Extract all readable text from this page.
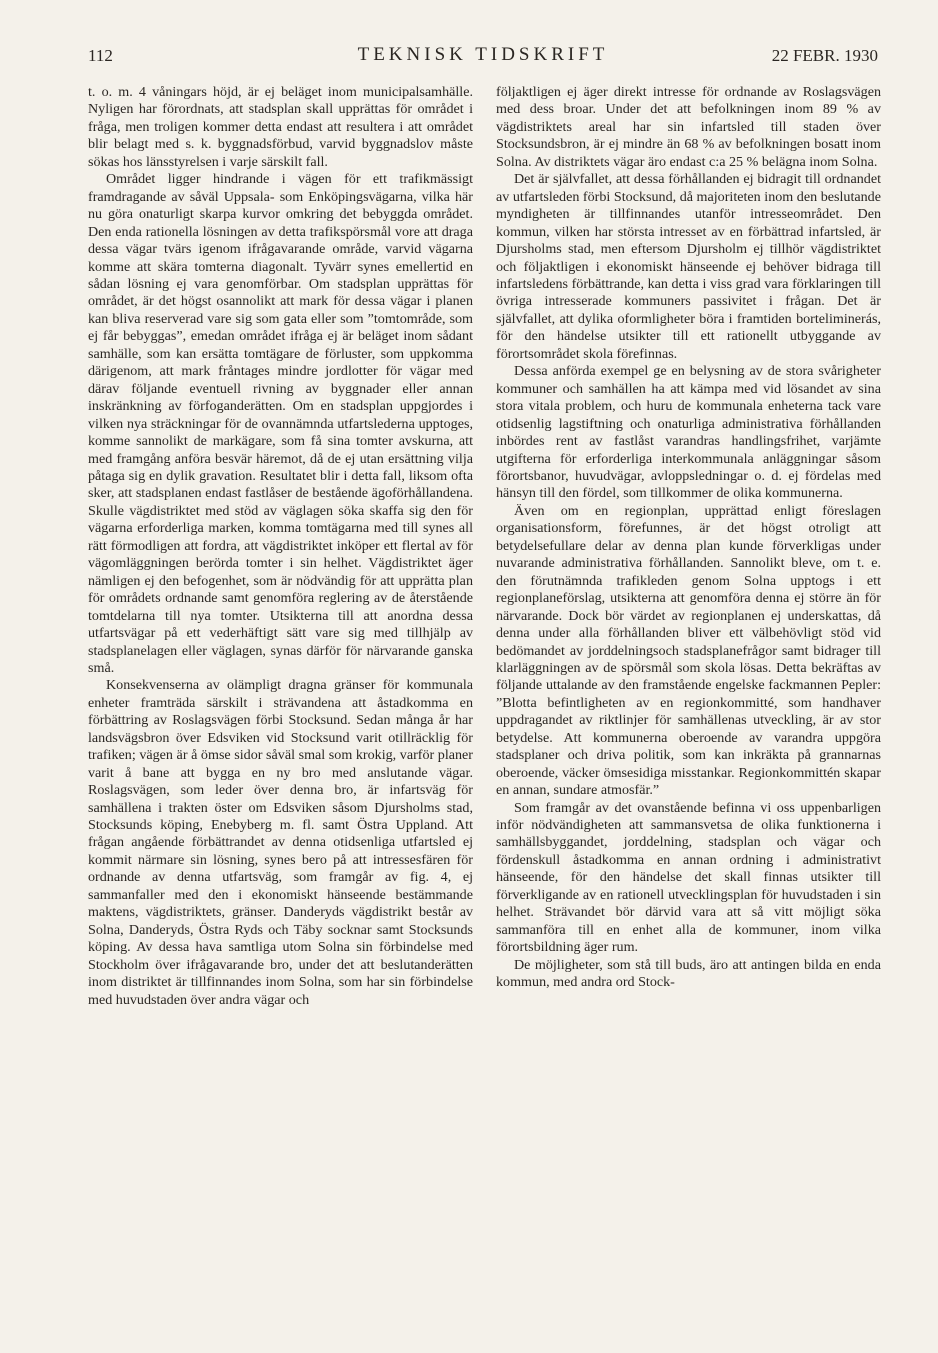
112	TEKNISK TIDSKRIFT	22 FEBR. 1930

t. o. m. 4 våningars höjd, är ej beläget inom municipalsamhälle. Nyligen har förordnats, att stadsplan skall upprättas för området i fråga, men troligen kommer detta endast att resultera i att området blir belagt med s. k. byggnadsförbud, varvid byggnadslov måste sökas hos länsstyrelsen i varje särskilt fall.

Området ligger hindrande i vägen för ett trafikmässigt framdragande av såväl Uppsala- som Enköpingsvägarna, vilka här nu göra onaturligt skarpa kurvor omkring det bebyggda området. Den enda rationella lösningen av detta trafikspörsmål vore att draga dessa vägar tvärs igenom ifrågavarande område, varvid vägarna komme att skära tomterna diagonalt. Tyvärr synes emellertid en sådan lösning ej vara genomförbar. Om stadsplan upprättas för området, är det högst osannolikt att mark för dessa vägar i planen kan bliva reserverad vare sig som gata eller som ”tomtområde, som ej får bebyggas”, emedan området ifråga ej är beläget inom sådant samhälle, som kan ersätta tomtägare de förluster, som uppkomma därigenom, att mark fråntages mindre jordlotter för vägar med därav följande eventuell rivning av byggnader eller annan inskränkning av förfoganderätten. Om en stadsplan uppgjordes i vilken nya sträckningar för de ovannämnda utfartslederna upptoges, komme sannolikt de markägare, som få sina tomter avskurna, att med framgång anföra besvär häremot, då de ej utan ersättning vilja påtaga sig en dylik gravation. Resultatet blir i detta fall, liksom ofta sker, att stadsplanen endast fastlåser de bestående ägoförhållandena. Skulle vägdistriktet med stöd av väglagen söka skaffa sig den för vägarna erforderliga marken, komma tomtägarna med till synes all rätt förmodligen att fordra, att vägdistriktet inköper ett flertal av för vägomläggningen berörda tomter i sin helhet. Vägdistriktet äger nämligen ej den befogenhet, som är nödvändig för att upprätta plan för områdets ordnande samt genomföra reglering av de återstående tomtdelarna till nya tomter. Utsikterna till att anordna dessa utfartsvägar på ett vederhäftigt sätt vare sig med tillhjälp av stadsplanelagen eller väglagen, synas därför för närvarande ganska små.

Konsekvenserna av olämpligt dragna gränser för kommunala enheter framträda särskilt i strävandena att åstadkomma en förbättring av Roslagsvägen förbi Stocksund. Sedan många år har landsvägsbron över Edsviken vid Stocksund varit otillräcklig för trafiken; vägen är å ömse sidor såväl smal som krokig, varför planer varit å bane att bygga en ny bro med anslutande vägar. Roslagsvägen, som leder över denna bro, är infartsväg för samhällena i trakten öster om Edsviken såsom Djursholms stad, Stocksunds köping, Enebyberg m. fl. samt Östra Uppland. Att frågan angående förbättrandet av denna otidsenliga utfartsled ej kommit närmare sin lösning, synes bero på att intressesfären för ordnande av denna utfartsväg, som framgår av fig. 4, ej sammanfaller med den i ekonomiskt hänseende bestämmande maktens, vägdistriktets, gränser. Danderyds vägdistrikt består av Solna, Danderyds, Östra Ryds och Täby socknar samt Stocksunds köping. Av dessa hava samtliga utom Solna sin förbindelse med Stockholm över ifrågavarande bro, under det att beslutanderätten inom distriktet är tillfinnandes inom Solna, som har sin förbindelse med huvudstaden över andra vägar och

följaktligen ej äger direkt intresse för ordnande av Roslagsvägen med dess broar. Under det att befolkningen inom 89 % av vägdistriktets areal har sin infartsled till staden över Stocksundsbron, är ej mindre än 68 % av befolkningen bosatt inom Solna. Av distriktets vägar äro endast c:a 25 % belägna inom Solna.

Det är självfallet, att dessa förhållanden ej bidragit till ordnandet av utfartsleden förbi Stocksund, då majoriteten inom den beslutande myndigheten är tillfinnandes utanför intresseområdet. Den kommun, vilken har största intresset av en förbättrad infartsled, är Djursholms stad, men eftersom Djursholm ej tillhör vägdistriktet och följaktligen i ekonomiskt hänseende ej behöver bidraga till infartsledens förbättrande, kan detta i viss grad vara förklaringen till övriga intresserade kommuners passivitet i frågan. Det är självfallet, att dylika oformligheter böra i framtiden borteliminerás, för den händelse utsikter till ett rationellt utbyggande av förortsområdet skola förefinnas.

Dessa anförda exempel ge en belysning av de stora svårigheter kommuner och samhällen ha att kämpa med vid lösandet av sina stora vitala problem, och huru de kommunala enheterna tack vare otidsenlig lagstiftning och onaturliga administrativa förhållanden inbördes rent av fastlåst varandras handlingsfrihet, varjämte utgifterna för erforderliga interkommunala anläggningar såsom förortsbanor, huvudvägar, avloppsledningar o. d. ej fördelas med hänsyn till den fördel, som tillkommer de olika kommunerna.

Även om en regionplan, upprättad enligt föreslagen organisationsform, förefunnes, är det högst otroligt att betydelsefullare delar av denna plan kunde förverkligas under nuvarande administrativa förhållanden. Sannolikt bleve, om t. e. den förutnämnda trafikleden genom Solna upptogs i ett regionplaneförslag, utsikterna att genomföra denna ej större än för närvarande. Dock bör värdet av regionplanen ej underskattas, då denna under alla förhållanden bliver ett välbehövligt stöd vid bedömandet av jorddelningsoch stadsplanefrågor samt bidrager till klarläggningen av de spörsmål som skola lösas. Detta bekräftas av följande uttalande av den framstående engelske fackmannen Pepler: ”Blotta befintligheten av en regionkommitté, som handhaver uppdragandet av riktlinjer för samhällenas utveckling, är av stor betydelse. Att kommunerna oberoende av varandra uppgöra stadsplaner och driva politik, som kan inkräkta på grannarnas oberoende, väcker ömsesidiga misstankar. Regionkommittén skapar en annan, sundare atmosfär.”

Som framgår av det ovanstående befinna vi oss uppenbarligen inför nödvändigheten att sammansvetsa de olika funktionerna i samhällsbyggandet, jorddelning, stadsplan och vägar och fördenskull åstadkomma en annan ordning i administrativt hänseende, för den händelse det skall finnas utsikter till förverkligande av en rationell utvecklingsplan för huvudstaden i sin helhet. Strävandet bör därvid vara att så vitt möjligt söka sammanföra till en enhet alla de kommuner, inom vilka förortsbildning äger rum.

De möjligheter, som stå till buds, äro att antingen bilda en enda kommun, med andra ord Stock-
